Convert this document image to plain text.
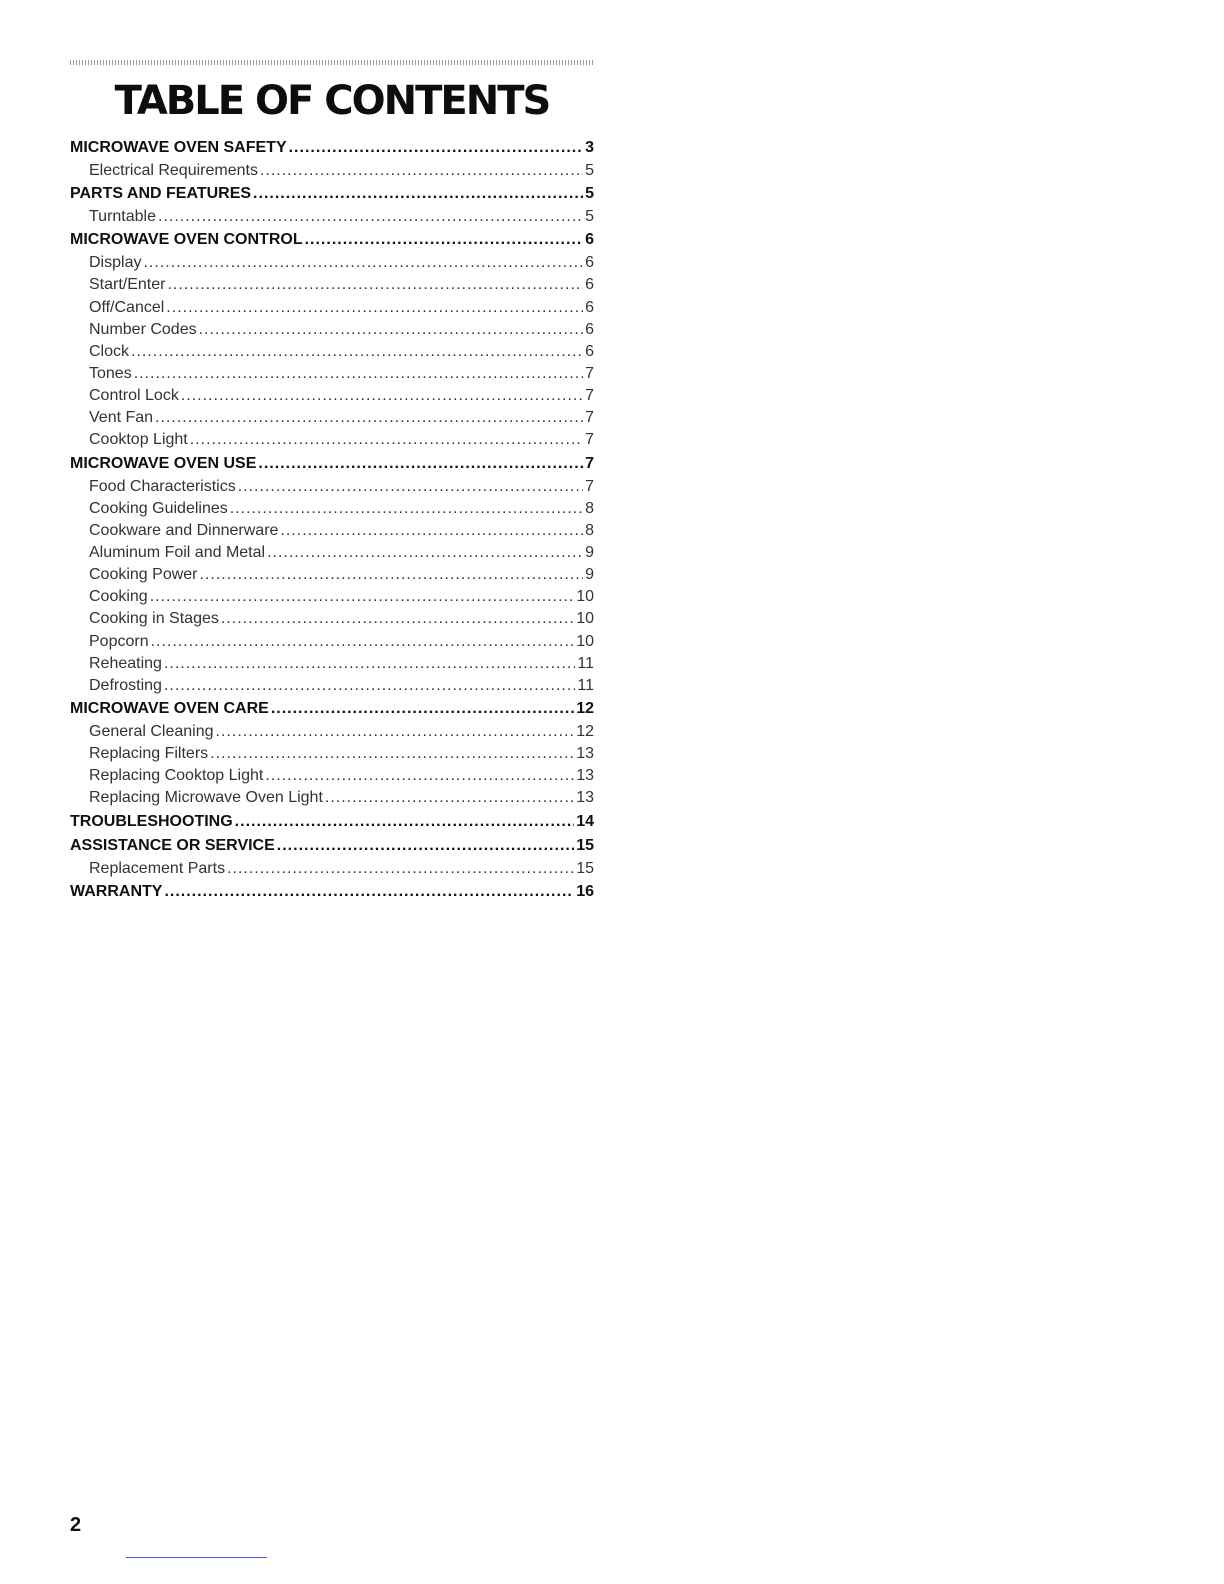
TABLE OF CONTENTS
MICROWAVE OVEN SAFETY .....	3
Electrical Requirements .....	5
PARTS AND FEATURES .....	5
Turntable .....	5
MICROWAVE OVEN CONTROL .....	6
Display .....	6
Start/Enter .....	6
Off/Cancel .....	6
Number Codes .....	6
Clock .....	6
Tones .....	7
Control Lock .....	7
Vent Fan .....	7
Cooktop Light .....	7
MICROWAVE OVEN USE .....	7
Food Characteristics .....	7
Cooking Guidelines .....	8
Cookware and Dinnerware .....	8
Aluminum Foil and Metal .....	9
Cooking Power .....	9
Cooking .....	10
Cooking in Stages .....	10
Popcorn .....	10
Reheating .....	11
Defrosting .....	11
MICROWAVE OVEN CARE .....	12
General Cleaning .....	12
Replacing Filters .....	13
Replacing Cooktop Light .....	13
Replacing Microwave Oven Light .....	13
TROUBLESHOOTING .....	14
ASSISTANCE OR SERVICE .....	15
Replacement Parts .....	15
WARRANTY .....	16
2
